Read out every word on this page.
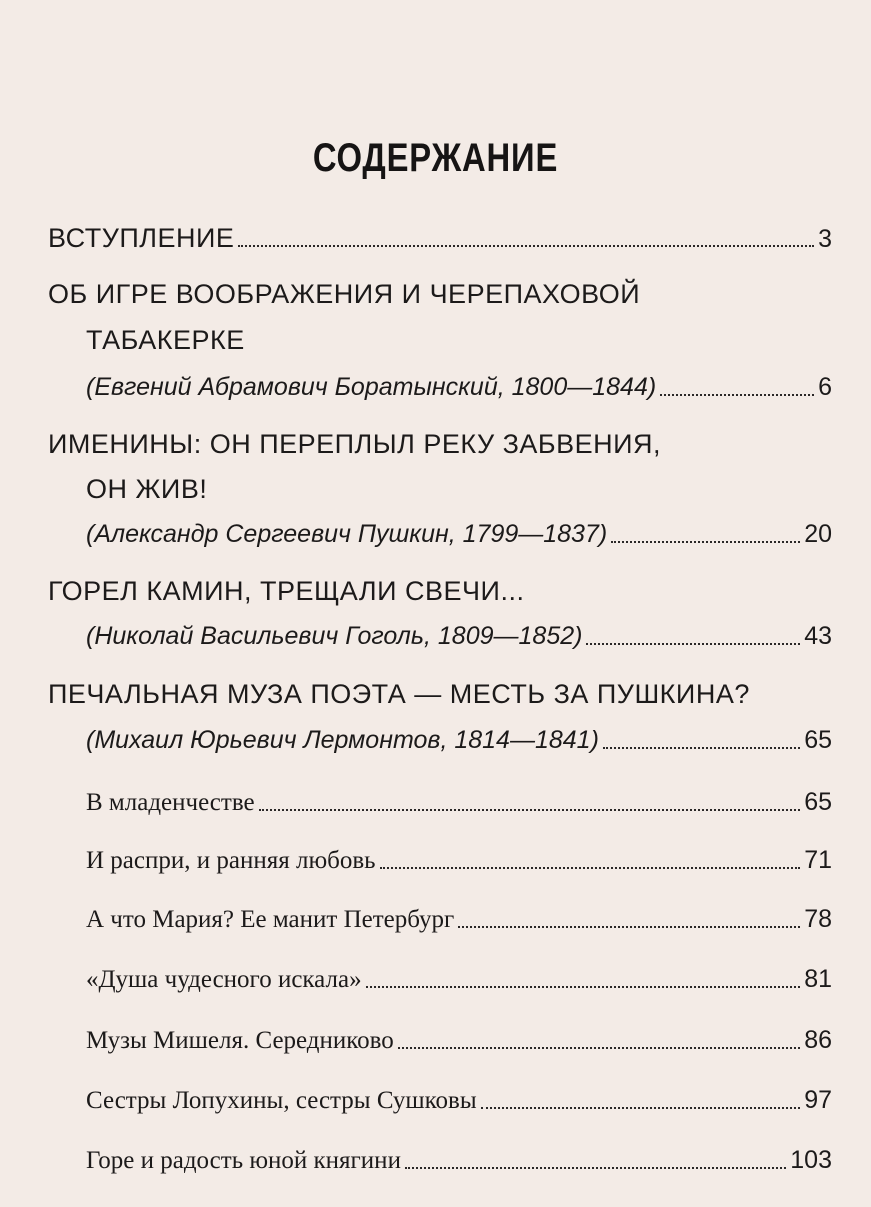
СОДЕРЖАНИЕ
ВСТУПЛЕНИЕ	3
ОБ ИГРЕ ВООБРАЖЕНИЯ И ЧЕРЕПАХОВОЙ
ТАБАКЕРКЕ
(Евгений Абрамович Боратынский, 1800—1844)	6
ИМЕНИНЫ: ОН ПЕРЕПЛЫЛ РЕКУ ЗАБВЕНИЯ,
ОН ЖИВ!
(Александр Сергеевич Пушкин, 1799—1837)	20
ГОРЕЛ КАМИН, ТРЕЩАЛИ СВЕЧИ...
(Николай Васильевич Гоголь, 1809—1852)	43
ПЕЧАЛЬНАЯ МУЗА ПОЭТА — МЕСТЬ ЗА ПУШКИНА?
(Михаил Юрьевич Лермонтов, 1814—1841)	65
В младенчестве	65
И распри, и ранняя любовь	71
А что Мария? Ее манит Петербург	78
«Душа чудесного искала»	81
Музы Мишеля. Середниково	86
Сестры Лопухины, сестры Сушковы	97
Горе и радость юной княгини	103
